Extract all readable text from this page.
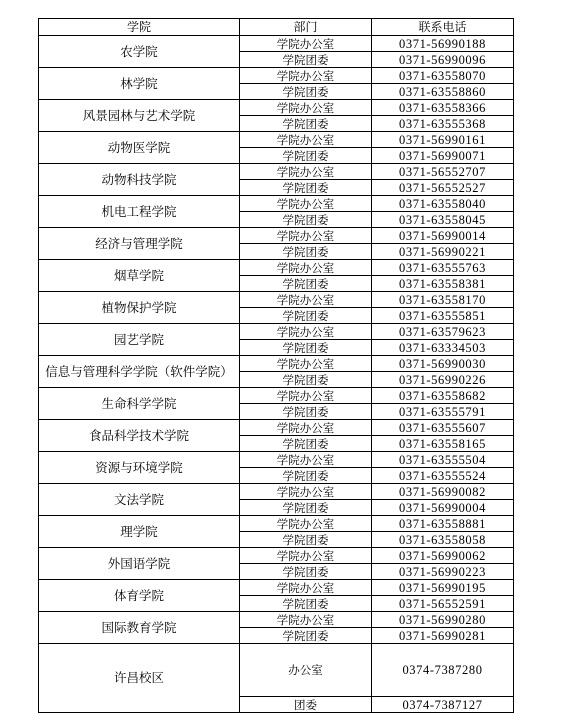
学院	部门	联系电话
农学院	学院办公室	0371-56990188
	学院团委	0371-56990096
林学院	学院办公室	0371-63558070
	学院团委	0371-63558860
风景园林与艺术学院	学院办公室	0371-63558366
	学院团委	0371-63555368
动物医学院	学院办公室	0371-56990161
	学院团委	0371-56990071
动物科技学院	学院办公室	0371-56552707
	学院团委	0371-56552527
机电工程学院	学院办公室	0371-63558040
	学院团委	0371-63558045
经济与管理学院	学院办公室	0371-56990014
	学院团委	0371-56990221
烟草学院	学院办公室	0371-63555763
	学院团委	0371-63558381
植物保护学院	学院办公室	0371-63558170
	学院团委	0371-63555851
园艺学院	学院办公室	0371-63579623
	学院团委	0371-63334503
信息与管理科学学院（软件学院）	学院办公室	0371-56990030
	学院团委	0371-56990226
生命科学学院	学院办公室	0371-63558682
	学院团委	0371-63555791
食品科学技术学院	学院办公室	0371-63555607
	学院团委	0371-63558165
资源与环境学院	学院办公室	0371-63555504
	学院团委	0371-63555524
文法学院	学院办公室	0371-56990082
	学院团委	0371-56990004
理学院	学院办公室	0371-63558881
	学院团委	0371-63558058
外国语学院	学院办公室	0371-56990062
	学院团委	0371-56990223
体育学院	学院办公室	0371-56990195
	学院团委	0371-56552591
国际教育学院	学院办公室	0371-56990280
	学院团委	0371-56990281
许昌校区	办公室	0374-7387280
	团委	0374-7387127
